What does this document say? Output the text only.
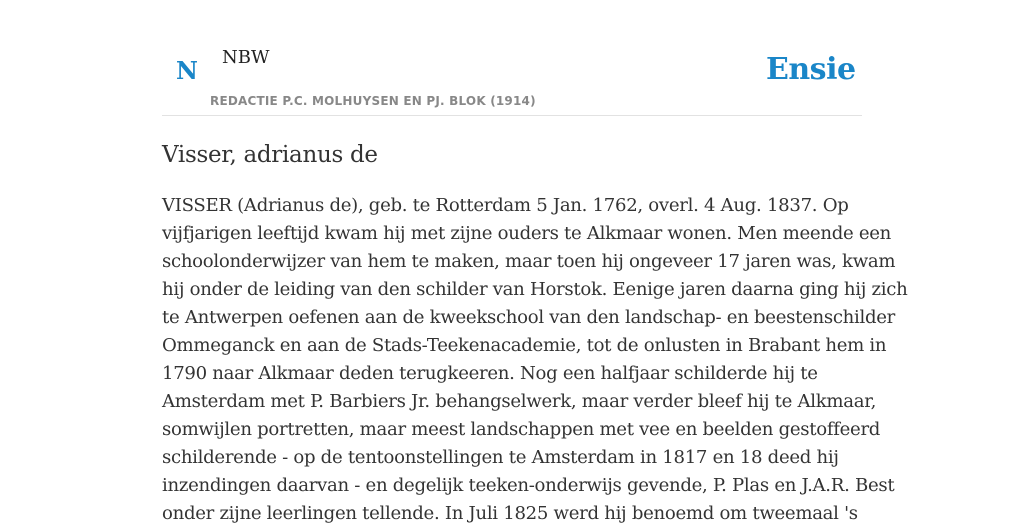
N NBW	Ensie
REDACTIE P.C. MOLHUYSEN EN PJ. BLOK (1914)
Visser, adrianus de

VISSER (Adrianus de), geb. te Rotterdam 5 Jan. 1762, overl. 4 Aug. 1837. Op
vijfjarigen leeftijd kwam hij met zijne ouders te Alkmaar wonen. Men meende een
schoolonderwijzer van hem te maken, maar toen hij ongeveer 17 jaren was, kwam
hij onder de leiding van den schilder van Horstok. Eenige jaren daarna ging hij zich
te Antwerpen oefenen aan de kweekschool van den landschap- en beestenschilder
Ommeganck en aan de Stads-Teekenacademie, tot de onlusten in Brabant hem in
1790 naar Alkmaar deden terugkeeren. Nog een halfjaar schilderde hij te
Amsterdam met P. Barbiers Jr. behangselwerk, maar verder bleef hij te Alkmaar,
somwijlen portretten, maar meest landschappen met vee en beelden gestoffeerd
schilderende - op de tentoonstellingen te Amsterdam in 1817 en 18 deed hij
inzendingen daarvan - en degelijk teeken-onderwijs gevende, P. Plas en J.A.R. Best
onder zijne leerlingen tellende. In Juli 1825 werd hij benoemd om tweemaal 's
